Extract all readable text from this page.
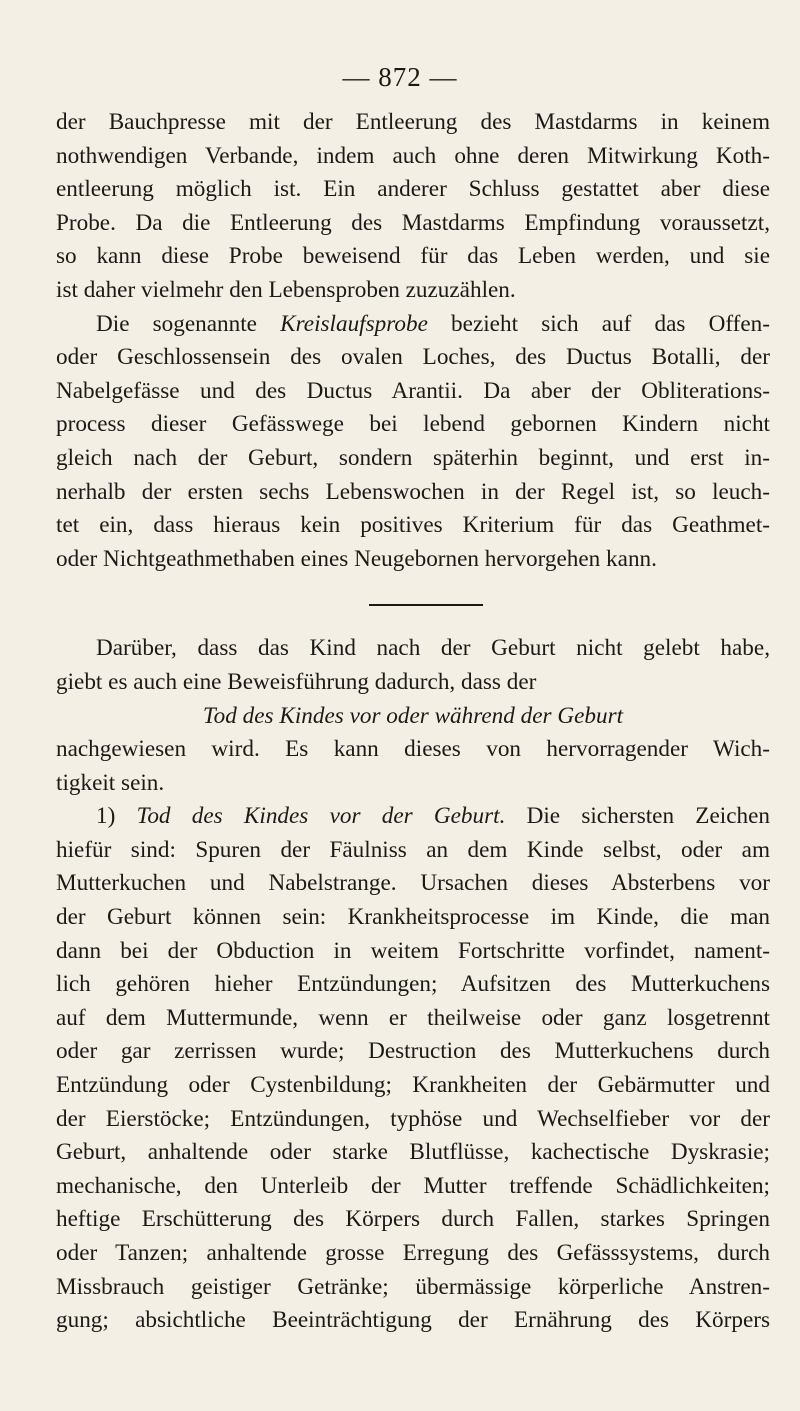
— 872 —
der Bauchpresse mit der Entleerung des Mastdarms in keinem
nothwendigen Verbande, indem auch ohne deren Mitwirkung Koth-
entleerung möglich ist. Ein anderer Schluss gestattet aber diese
Probe. Da die Entleerung des Mastdarms Empfindung voraussetzt,
so kann diese Probe beweisend für das Leben werden, und sie
ist daher vielmehr den Lebensproben zuzuzählen.
Die sogenannte Kreislaufsprobe bezieht sich auf das Offen-
oder Geschlossensein des ovalen Loches, des Ductus Botalli, der
Nabelgefässe und des Ductus Arantii. Da aber der Obliterations-
process dieser Gefässwege bei lebend gebornen Kindern nicht
gleich nach der Geburt, sondern späterhin beginnt, und erst in-
nerhalb der ersten sechs Lebenswochen in der Regel ist, so leuch-
tet ein, dass hieraus kein positives Kriterium für das Geathmet-
oder Nichtgeathmethaben eines Neugebornen hervorgehen kann.
Darüber, dass das Kind nach der Geburt nicht gelebt habe,
giebt es auch eine Beweisführung dadurch, dass der
Tod des Kindes vor oder während der Geburt
nachgewiesen wird. Es kann dieses von hervorragender Wich-
tigkeit sein.
1) Tod des Kindes vor der Geburt. Die sichersten Zeichen
hiefür sind: Spuren der Fäulniss an dem Kinde selbst, oder am
Mutterkuchen und Nabelstrange. Ursachen dieses Absterbens vor
der Geburt können sein: Krankheitsprocesse im Kinde, die man
dann bei der Obduction in weitem Fortschritte vorfindet, nament-
lich gehören hieher Entzündungen; Aufsitzen des Mutterkuchens
auf dem Muttermunde, wenn er theilweise oder ganz losgetrennt
oder gar zerrissen wurde; Destruction des Mutterkuchens durch
Entzündung oder Cystenbildung; Krankheiten der Gebärmutter und
der Eierstöcke; Entzündungen, typhöse und Wechselfieber vor der
Geburt, anhaltende oder starke Blutflüsse, kachectische Dyskrasie;
mechanische, den Unterleib der Mutter treffende Schädlichkeiten;
heftige Erschütterung des Körpers durch Fallen, starkes Springen
oder Tanzen; anhaltende grosse Erregung des Gefässsystems, durch
Missbrauch geistiger Getränke; übermässige körperliche Anstren-
gung; absichtliche Beeinträchtigung der Ernährung des Körpers
